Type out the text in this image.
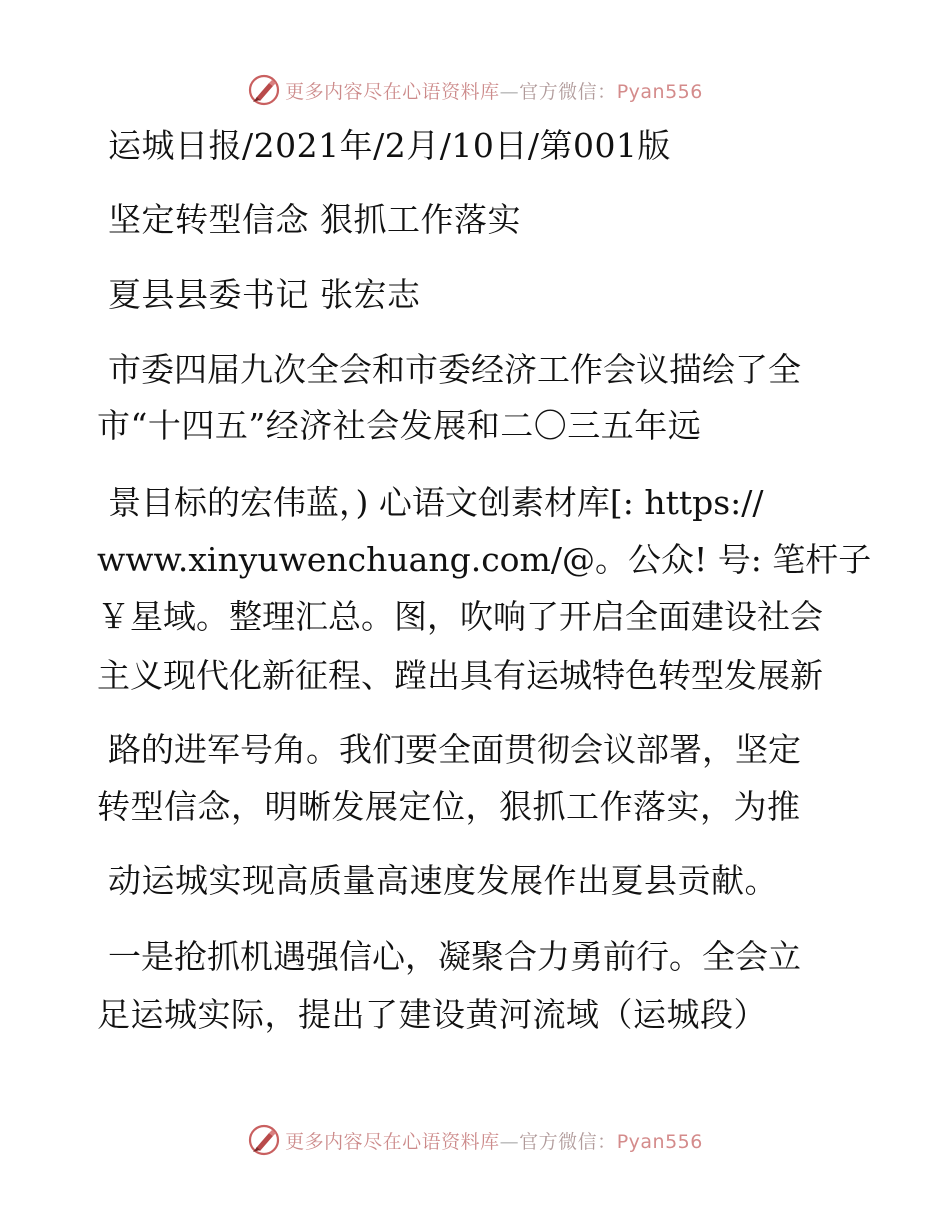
更多内容尽在心语资料库—官方微信：Pyan556
运城日报/2021年/2月/10日/第001版
坚定转型信念 狠抓工作落实
夏县县委书记 张宏志
市委四届九次全会和市委经济工作会议描绘了全
市“十四五”经济社会发展和二〇三五年远
景目标的宏伟蓝，) 心语文创素材库[: https://
www.xinyuwenchuang.com/@。公众! 号: 笔杆子
￥星域。整理汇总。图，吹响了开启全面建设社会
主义现代化新征程、蹚出具有运城特色转型发展新
路的进军号角。我们要全面贯彻会议部署，坚定
转型信念，明晰发展定位，狠抓工作落实，为推
动运城实现高质量高速度发展作出夏县贡献。
一是抢抓机遇强信心，凝聚合力勇前行。全会立
足运城实际，提出了建设黄河流域（运城段）
更多内容尽在心语资料库—官方微信：Pyan556
